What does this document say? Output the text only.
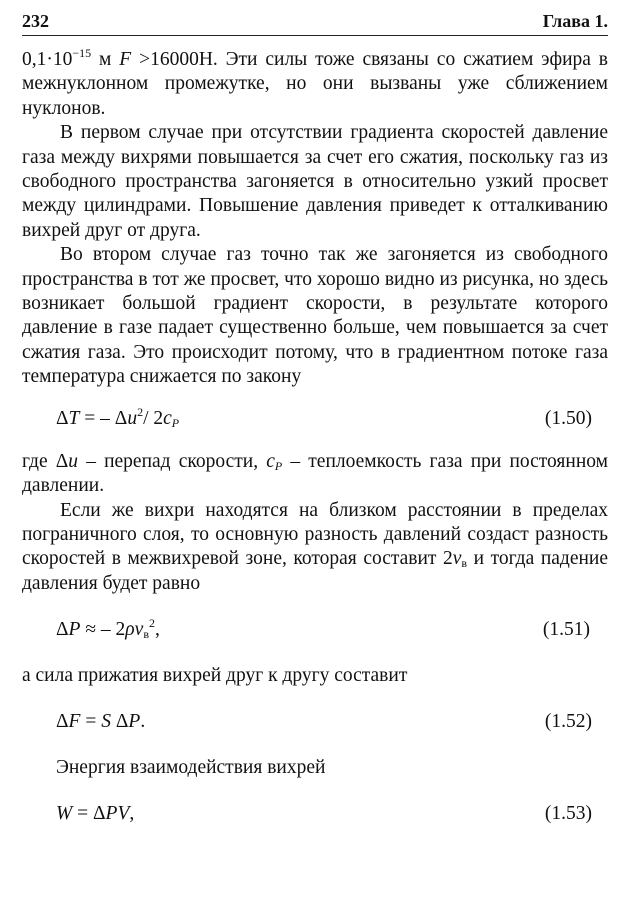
232	Глава 1.

$0,1\cdot 10^{-15}$ м F >16000Н. Эти силы тоже связаны со сжатием эфира в межнуклонном промежутке, но они вызваны уже сближением нуклонов.

В первом случае при отсутствии градиента скоростей давление газа между вихрями повышается за счет его сжатия, поскольку газ из свободного пространства загоняется в относительно узкий просвет между цилиндрами. Повышение давления приведет к отталкиванию вихрей друг от друга.

Во втором случае газ точно так же загоняется из свободного пространства в тот же просвет, что хорошо видно из рисунка, но здесь возникает большой градиент скорости, в результате которого давление в газе падает существенно больше, чем повышается за счет сжатия газа. Это происходит потому, что в градиентном потоке газа температура снижается по закону

ΔT = – $\Delta u^2/$ 2cP	(1.50)

где Δu – перепад скорости, cP – теплоемкость газа при постоянном давлении.

Если же вихри находятся на близком расстоянии в пределах пограничного слоя, то основную разность давлений создаст разность скоростей в межвихревой зоне, которая составит $2v_в$ и тогда падение давления будет равно

ΔP ≈ – $2\rho v_в^2$,	(1.51)

а сила прижатия вихрей друг к другу составит

ΔF = S ΔP.	(1.52)

Энергия взаимодействия вихрей

W = ΔPV,	(1.53)
